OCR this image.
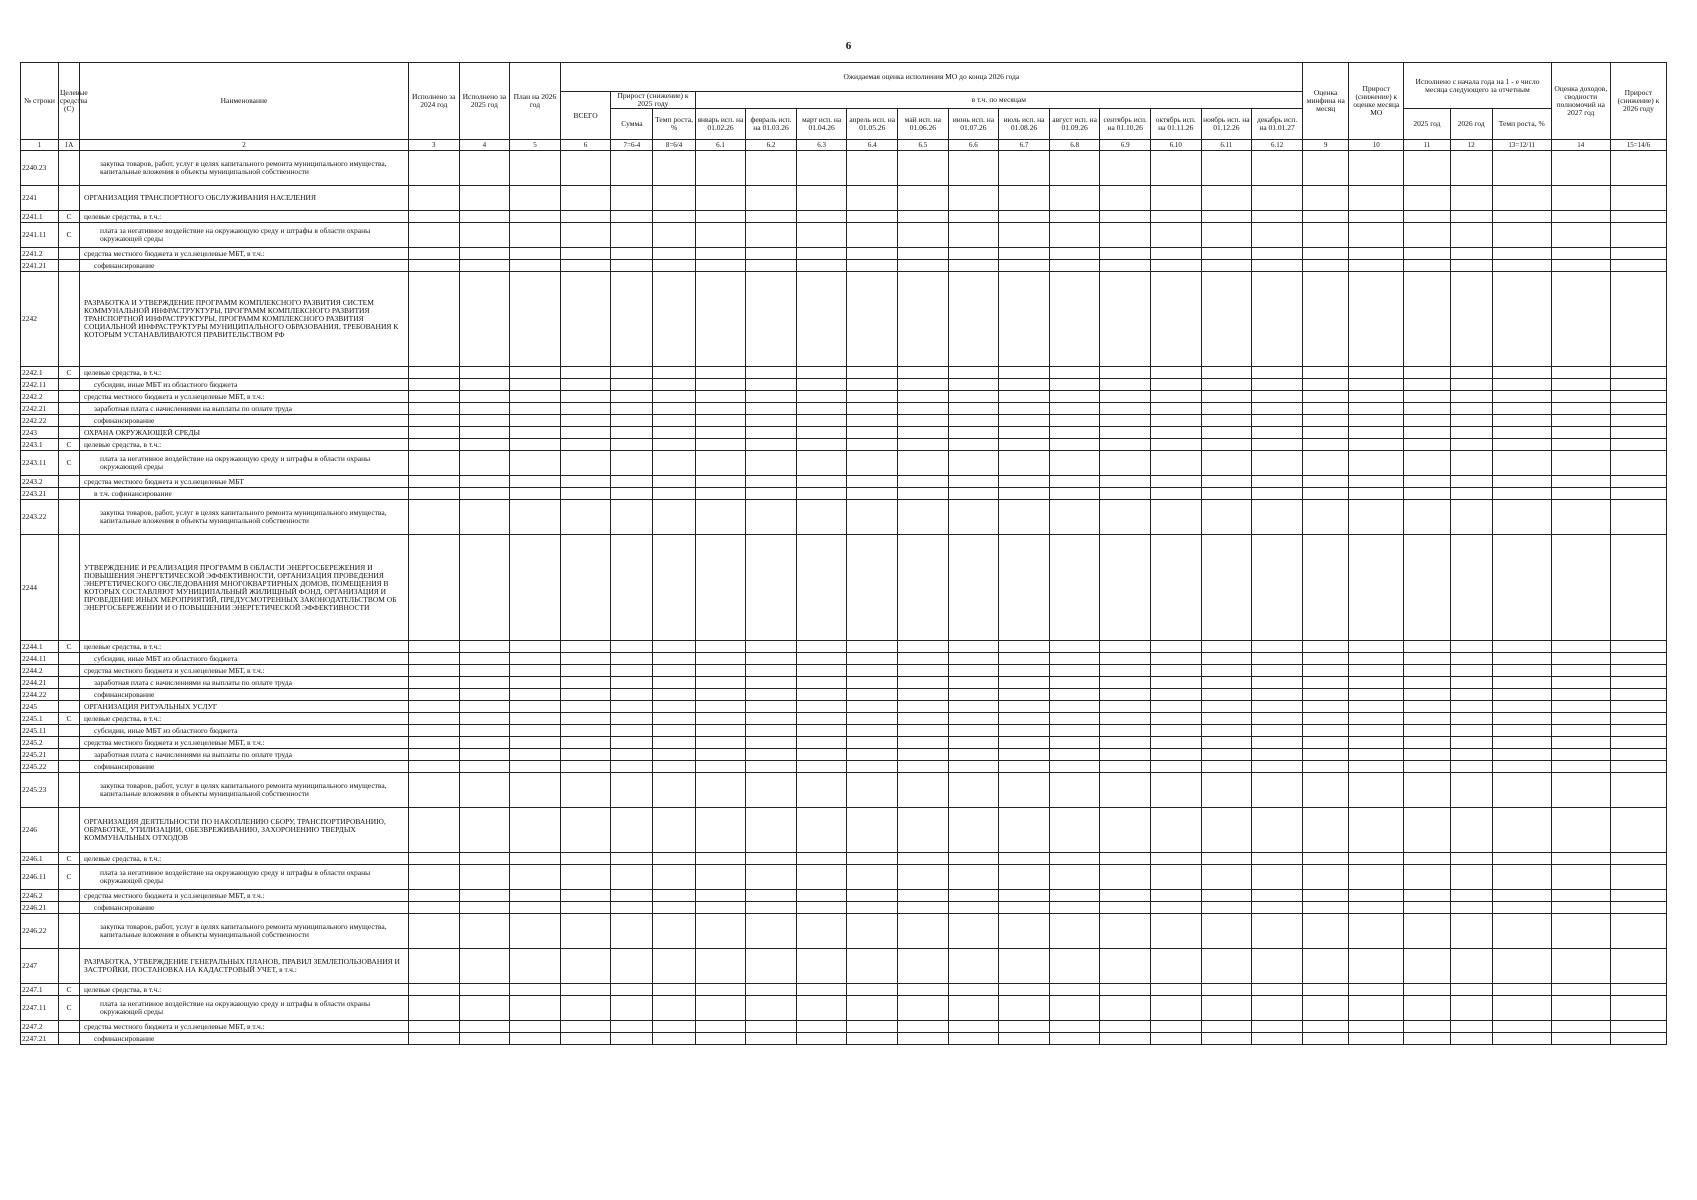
6
№ строки	Целевые средства (С)	Наименование	Исполнено за 2024 год	Исполнено за 2025 год	План на 2026 год	Ожидаемая оценка исполнения МО до конца 2026 года															Оценка минфина на месяц	Прирост (снижение) к оценке месяца МО	Исполнено с начала года на 1 - е число месяца следующего за отчетным			Оценка доходов, сводности полномочий на 2027 год	Прирост (снижение) к 2026 году
						ВСЕГО	Прирост (снижение) к 2025 году		в т.ч. по месяцам																		
							Сумма	Темп роста, %	январь исп. на 01.02.26	февраль исп. на 01.03.26	март исп. на 01.04.26	апрель исп. на 01.05.26	май исп. на 01.06.26	июнь исп. на 01.07.26	июль исп. на 01.08.26	август исп. на 01.09.26	сентябрь исп. на 01.10.26	октябрь исп. на 01.11.26	ноябрь исп. на 01.12.26	декабрь исп. на 01.01.27			2025 год	2026 год	Темп роста, %		
1	1А	2	3	4	5	6	7=6-4	8=6/4	6.1	6.2	6.3	6.4	6.5	6.6	6.7	6.8	6.9	6.10	6.11	6.12	9	10	11	12	13=12/11	14	15=14/6
2240.23		закупка товаров, работ, услуг в целях капитального ремонта муниципального имущества, капитальные вложения в объекты муниципальной собственности																									
2241		ОРГАНИЗАЦИЯ ТРАНСПОРТНОГО ОБСЛУЖИВАНИЯ НАСЕЛЕНИЯ																									
2241.1	С	целевые средства, в т.ч.:																									
2241.11	С	плата за негативное воздействие на окружающую среду и штрафы в области охраны окружающей среды																									
2241.2		средства местного бюджета и усл.нецелевые МБТ, в т.ч.:																									
2241.21		софинансирование																									
2242		РАЗРАБОТКА И УТВЕРЖДЕНИЕ ПРОГРАММ КОМПЛЕКСНОГО РАЗВИТИЯ СИСТЕМ КОММУНАЛЬНОЙ ИНФРАСТРУКТУРЫ, ПРОГРАММ КОМПЛЕКСНОГО РАЗВИТИЯ ТРАНСПОРТНОЙ ИНФРАСТРУКТУРЫ, ПРОГРАММ КОМПЛЕКСНОГО РАЗВИТИЯ СОЦИАЛЬНОЙ ИНФРАСТРУКТУРЫ МУНИЦИПАЛЬНОГО ОБРАЗОВАНИЯ, ТРЕБОВАНИЯ К КОТОРЫМ УСТАНАВЛИВАЮТСЯ ПРАВИТЕЛЬСТВОМ РФ																									
2242.1	С	целевые средства, в т.ч.:																									
2242.11		субсидии, иные МБТ из областного бюджета																									
2242.2		средства местного бюджета и усл.нецелевые МБТ, в т.ч.:																									
2242.21		заработная плата с начислениями на выплаты по оплате труда																									
2242.22		софинансирование																									
2243		ОХРАНА ОКРУЖАЮЩЕЙ СРЕДЫ																									
2243.1	С	целевые средства, в т.ч.:																									
2243.11	С	плата за негативное воздействие на окружающую среду и штрафы в области охраны окружающей среды																									
2243.2		средства местного бюджета и усл.нецелевые МБТ																									
2243.21		в т.ч. софинансирование																									
2243.22		закупка товаров, работ, услуг в целях капитального ремонта муниципального имущества, капитальные вложения в объекты муниципальной собственности																									
2244		УТВЕРЖДЕНИЕ И РЕАЛИЗАЦИЯ ПРОГРАММ В ОБЛАСТИ ЭНЕРГОСБЕРЕЖЕНИЯ И ПОВЫШЕНИЯ ЭНЕРГЕТИЧЕСКОЙ ЭФФЕКТИВНОСТИ, ОРГАНИЗАЦИЯ ПРОВЕДЕНИЯ ЭНЕРГЕТИЧЕСКОГО ОБСЛЕДОВАНИЯ МНОГОКВАРТИРНЫХ ДОМОВ, ПОМЕЩЕНИЯ В КОТОРЫХ СОСТАВЛЯЮТ МУНИЦИПАЛЬНЫЙ ЖИЛИЩНЫЙ ФОНД, ОРГАНИЗАЦИЯ И ПРОВЕДЕНИЕ ИНЫХ МЕРОПРИЯТИЙ, ПРЕДУСМОТРЕННЫХ ЗАКОНОДАТЕЛЬСТВОМ ОБ ЭНЕРГОСБЕРЕЖЕНИИ И О ПОВЫШЕНИИ ЭНЕРГЕТИЧЕСКОЙ ЭФФЕКТИВНОСТИ																									
2244.1	С	целевые средства, в т.ч.:																									
2244.11		субсидии, иные МБТ из областного бюджета																									
2244.2		средства местного бюджета и усл.нецелевые МБТ, в т.ч.:																									
2244.21		заработная плата с начислениями на выплаты по оплате труда																									
2244.22		софинансирование																									
2245		ОРГАНИЗАЦИЯ РИТУАЛЬНЫХ УСЛУГ																									
2245.1	С	целевые средства, в т.ч.:																									
2245.11		субсидии, иные МБТ из областного бюджета																									
2245.2		средства местного бюджета и усл.нецелевые МБТ, в т.ч.:																									
2245.21		заработная плата с начислениями на выплаты по оплате труда																									
2245.22		софинансирование																									
2245.23		закупка товаров, работ, услуг в целях капитального ремонта муниципального имущества, капитальные вложения в объекты муниципальной собственности																									
2246		ОРГАНИЗАЦИЯ ДЕЯТЕЛЬНОСТИ ПО НАКОПЛЕНИЮ СБОРУ, ТРАНСПОРТИРОВАНИЮ, ОБРАБОТКЕ, УТИЛИЗАЦИИ, ОБЕЗВРЕЖИВАНИЮ, ЗАХОРОНЕНИЮ ТВЕРДЫХ КОММУНАЛЬНЫХ ОТХОДОВ																									
2246.1	С	целевые средства, в т.ч.:																									
2246.11	С	плата за негативное воздействие на окружающую среду и штрафы в области охраны окружающей среды																									
2246.2		средства местного бюджета и усл.нецелевые МБТ, в т.ч.:																									
2246.21		софинансирование																									
2246.22		закупка товаров, работ, услуг в целях капитального ремонта муниципального имущества, капитальные вложения в объекты муниципальной собственности																									
2247		РАЗРАБОТКА, УТВЕРЖДЕНИЕ ГЕНЕРАЛЬНЫХ ПЛАНОВ, ПРАВИЛ ЗЕМЛЕПОЛЬЗОВАНИЯ И ЗАСТРОЙКИ, ПОСТАНОВКА НА КАДАСТРОВЫЙ УЧЕТ, в т.ч.:																									
2247.1	С	целевые средства, в т.ч.:																									
2247.11	С	плата за негативное воздействие на окружающую среду и штрафы в области охраны окружающей среды																									
2247.2		средства местного бюджета и усл.нецелевые МБТ, в т.ч.:																									
2247.21		софинансирование																									
